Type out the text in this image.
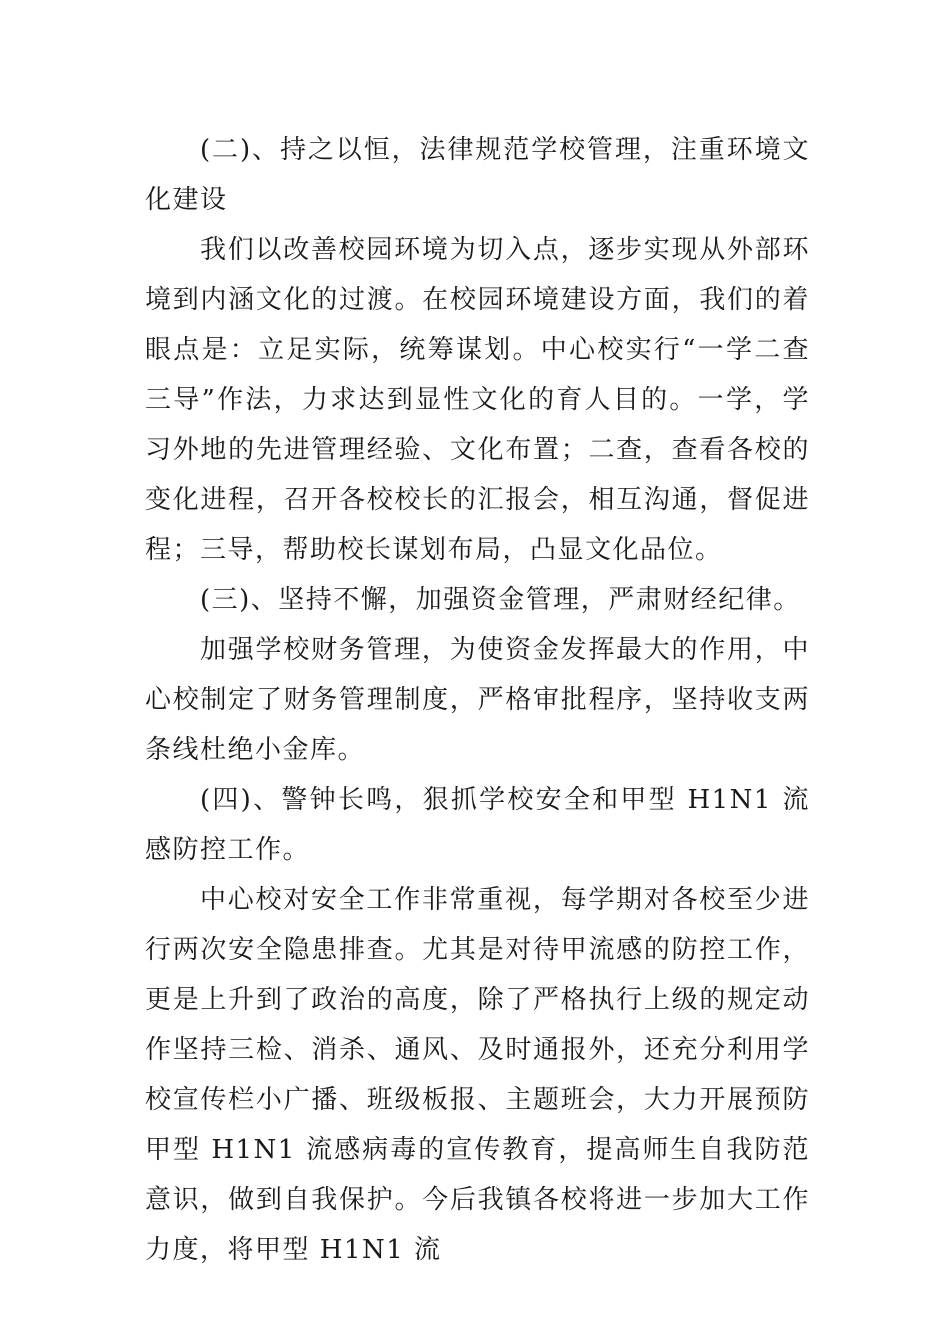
(二)、持之以恒，法律规范学校管理，注重环境文化建设

我们以改善校园环境为切入点，逐步实现从外部环境到内涵文化的过渡。在校园环境建设方面，我们的着眼点是：立足实际，统筹谋划。中心校实行“一学二查三导”作法，力求达到显性文化的育人目的。一学，学习外地的先进管理经验、文化布置；二查，查看各校的变化进程，召开各校校长的汇报会，相互沟通，督促进程；三导，帮助校长谋划布局，凸显文化品位。

(三)、坚持不懈，加强资金管理，严肃财经纪律。

加强学校财务管理，为使资金发挥最大的作用，中心校制定了财务管理制度，严格审批程序，坚持收支两条线杜绝小金库。

(四)、警钟长鸣，狠抓学校安全和甲型 H1N1 流感防控工作。

中心校对安全工作非常重视，每学期对各校至少进行两次安全隐患排查。尤其是对待甲流感的防控工作，更是上升到了政治的高度，除了严格执行上级的规定动作坚持三检、消杀、通风、及时通报外，还充分利用学校宣传栏小广播、班级板报、主题班会，大力开展预防甲型 H1N1 流感病毒的宣传教育，提高师生自我防范意识，做到自我保护。今后我镇各校将进一步加大工作力度，将甲型 H1N1 流
